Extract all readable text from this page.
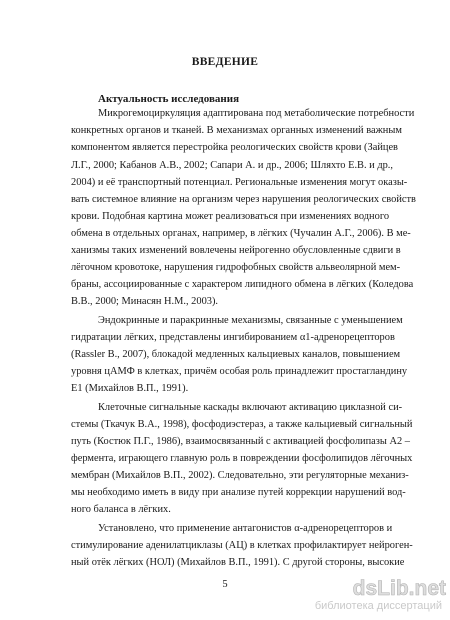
ВВЕДЕНИЕ
Актуальность исследования
Микрогемоциркуляция адаптирована под метаболические потребности
конкретных органов и тканей. В механизмах органных изменений важным
компонентом является перестройка реологических свойств крови (Зайцев
Л.Г., 2000; Кабанов А.В., 2002; Сапари А. и др., 2006; Шляхто Е.В. и др.,
2004) и её транспортный потенциал. Региональные изменения могут оказы-
вать системное влияние на организм через нарушения реологических свойств
крови. Подобная картина может реализоваться при изменениях водного
обмена в отдельных органах, например, в лёгких (Чучалин А.Г., 2006). В ме-
ханизмы таких изменений вовлечены нейрогенно обусловленные сдвиги в
лёгочном кровотоке, нарушения гидрофобных свойств альвеолярной мем-
браны, ассоциированные с характером липидного обмена в лёгких (Коледова
В.В., 2000; Минасян Н.М., 2003).
Эндокринные и паракринные механизмы, связанные с уменьшением
гидратации лёгких, представлены ингибированием α1-адренорецепторов
(Rassler B., 2007), блокадой медленных кальциевых каналов, повышением
уровня цАМФ в клетках, причём особая роль принадлежит простагландину
Е1 (Михайлов В.П., 1991).
Клеточные сигнальные каскады включают активацию циклазной си-
стемы (Ткачук В.А., 1998), фосфодиэстераз, а также кальциевый сигнальный
путь (Костюк П.Г., 1986), взаимосвязанный с активацией фосфолипазы А2 –
фермента, играющего главную роль в повреждении фосфолипидов лёгочных
мембран (Михайлов В.П., 2002). Следовательно, эти регуляторные механиз-
мы необходимо иметь в виду при анализе путей коррекции нарушений вод-
ного баланса в лёгких.
Установлено, что применение антагонистов α-адренорецепторов и
стимулирование аденилатциклазы (АЦ) в клетках профилактирует нейроген-
ный отёк лёгких (НОЛ) (Михайлов В.П., 1991). С другой стороны, высокие
5	dsLib.net
библиотека диссертаций
